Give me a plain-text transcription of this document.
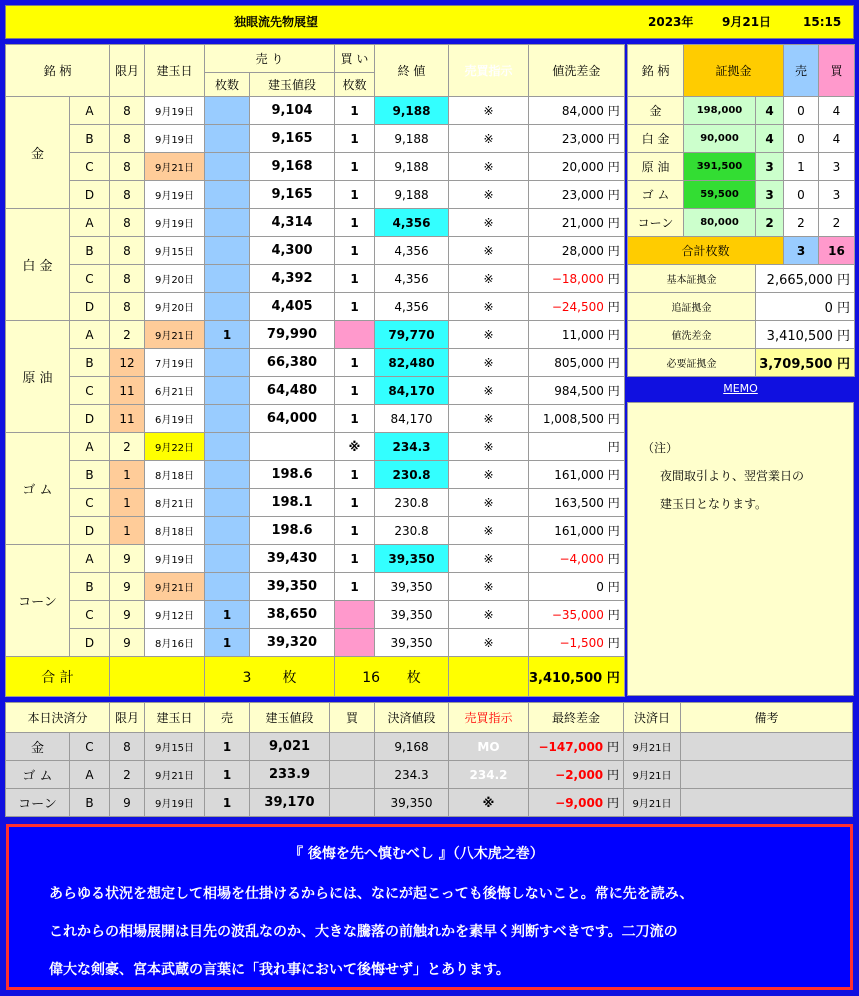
独眼流先物展望	2023年 9月21日	15:15
銘 柄		限月	建玉日	売 り		買 い	終 値	売買指示	値洗差金
				枚数	建玉値段	枚数			
金	A	8	9月19日		9,104	1	9,188	※	84,000 円
	B	8	9月19日		9,165	1	9,188	※	23,000 円
	C	8	9月21日		9,168	1	9,188	※	20,000 円
	D	8	9月19日		9,165	1	9,188	※	23,000 円
白 金	A	8	9月19日		4,314	1	4,356	※	21,000 円
	B	8	9月15日		4,300	1	4,356	※	28,000 円
	C	8	9月20日		4,392	1	4,356	※	−18,000 円
	D	8	9月20日		4,405	1	4,356	※	−24,500 円
原 油	A	2	9月21日	1	79,990		79,770	※	11,000 円
	B	12	7月19日		66,380	1	82,480	※	805,000 円
	C	11	6月21日		64,480	1	84,170	※	984,500 円
	D	11	6月19日		64,000	1	84,170	※	1,008,500 円
ゴ ム	A	2	9月22日			※	234.3	※	円
	B	1	8月18日		198.6	1	230.8	※	161,000 円
	C	1	8月21日		198.1	1	230.8	※	163,500 円
	D	1	8月18日		198.6	1	230.8	※	161,000 円
コーン	A	9	9月19日		39,430	1	39,350	※	−4,000 円
	B	9	9月21日		39,350	1	39,350	※	0 円
	C	9	9月12日	1	38,650		39,350	※	−35,000 円
	D	9	8月16日	1	39,320		39,350	※	−1,500 円
合 計				3 枚		16 枚			3,410,500 円
銘 柄	証拠金		売	買
金	198,000	4	0	4
白 金	90,000	4	0	4
原 油	391,500	3	1	3
ゴ ム	59,500	3	0	3
コーン	80,000	2	2	2
合計枚数			3	16
基本証拠金		2,665,000 円		
追証拠金		0 円		
値洗差金		3,410,500 円		
必要証拠金		3,709,500 円		
MEMO
（注）
夜間取引より、翌営業日の
建玉日となります。
本日決済分		限月	建玉日	売	建玉値段	買	決済値段	売買指示	最終差金	決済日	備考
金	C	8	9月15日	1	9,021		9,168	MO	−147,000 円	9月21日	
ゴ ム	A	2	9月21日	1	233.9		234.3	234.2	−2,000 円	9月21日	
コーン	B	9	9月19日	1	39,170		39,350	※	−9,000 円	9月21日	

『 後悔を先へ慎むべし 』（八木虎之巻）

あらゆる状況を想定して相場を仕掛けるからには、なにが起こっても後悔しないこと。常に先を読み、

これからの相場展開は目先の波乱なのか、大きな騰落の前触れかを素早く判断すべきです。二刀流の

偉大な剣豪、宮本武蔵の言葉に「我れ事において後悔せず」とあります。
